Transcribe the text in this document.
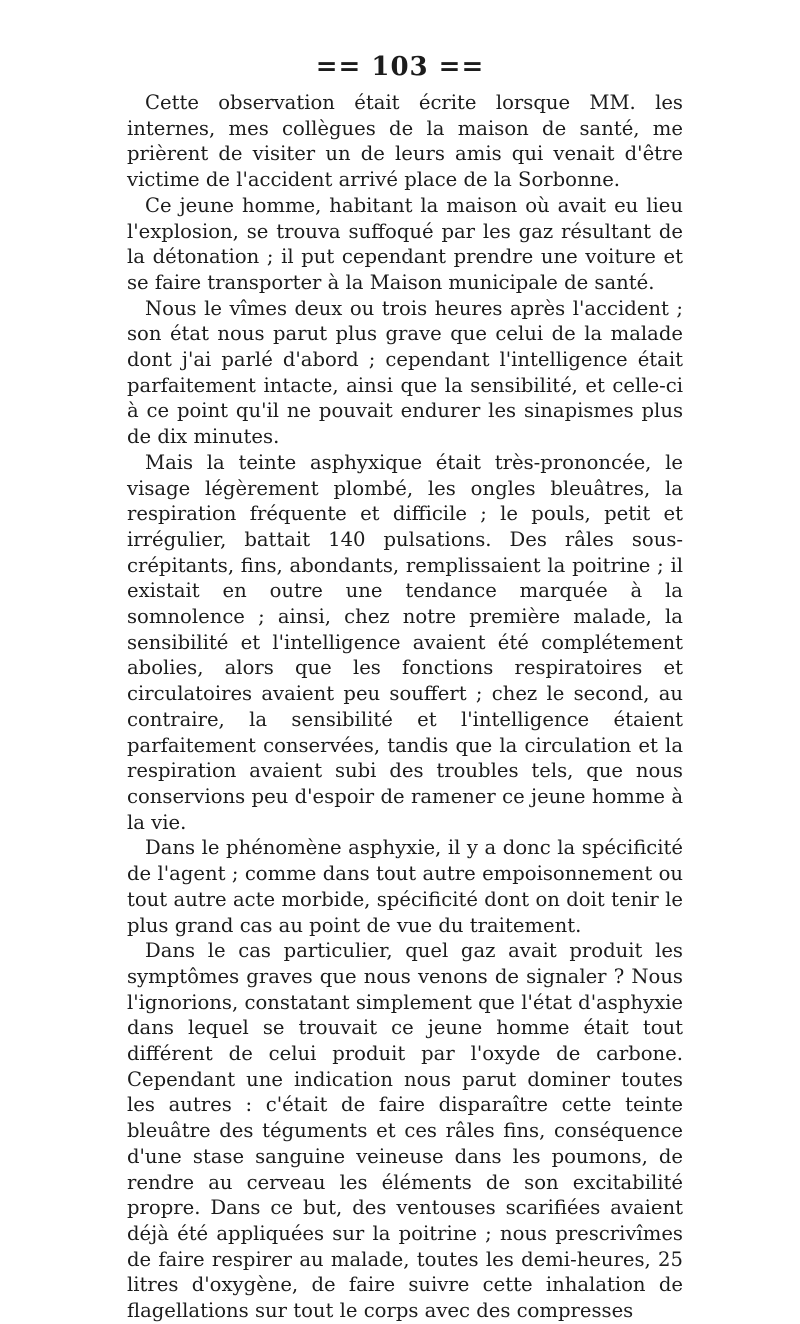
== 103 ==

Cette observation était écrite lorsque MM. les internes, mes collègues de la maison de santé, me prièrent de visiter un de leurs amis qui venait d'être victime de l'accident arrivé place de la Sorbonne.

Ce jeune homme, habitant la maison où avait eu lieu l'explosion, se trouva suffoqué par les gaz résultant de la détonation ; il put cependant prendre une voiture et se faire transporter à la Maison municipale de santé.

Nous le vîmes deux ou trois heures après l'accident ; son état nous parut plus grave que celui de la malade dont j'ai parlé d'abord ; cependant l'intelligence était parfaitement intacte, ainsi que la sensibilité, et celle-ci à ce point qu'il ne pouvait endurer les sinapismes plus de dix minutes.

Mais la teinte asphyxique était très-prononcée, le visage légèrement plombé, les ongles bleuâtres, la respiration fréquente et difficile ; le pouls, petit et irrégulier, battait 140 pulsations. Des râles sous-crépitants, fins, abondants, remplissaient la poitrine ; il existait en outre une tendance marquée à la somnolence ; ainsi, chez notre première malade, la sensibilité et l'intelligence avaient été complétement abolies, alors que les fonctions respiratoires et circulatoires avaient peu souffert ; chez le second, au contraire, la sensibilité et l'intelligence étaient parfaitement conservées, tandis que la circulation et la respiration avaient subi des troubles tels, que nous conservions peu d'espoir de ramener ce jeune homme à la vie.

Dans le phénomène asphyxie, il y a donc la spécificité de l'agent ; comme dans tout autre empoisonnement ou tout autre acte morbide, spécificité dont on doit tenir le plus grand cas au point de vue du traitement.

Dans le cas particulier, quel gaz avait produit les symptômes graves que nous venons de signaler ? Nous l'ignorions, constatant simplement que l'état d'asphyxie dans lequel se trouvait ce jeune homme était tout différent de celui produit par l'oxyde de carbone. Cependant une indication nous parut dominer toutes les autres : c'était de faire disparaître cette teinte bleuâtre des téguments et ces râles fins, conséquence d'une stase sanguine veineuse dans les poumons, de rendre au cerveau les éléments de son excitabilité propre. Dans ce but, des ventouses scarifiées avaient déjà été appliquées sur la poitrine ; nous prescrivîmes de faire respirer au malade, toutes les demi-heures, 25 litres d'oxygène, de faire suivre cette inhalation de flagellations sur tout le corps avec des compresses
